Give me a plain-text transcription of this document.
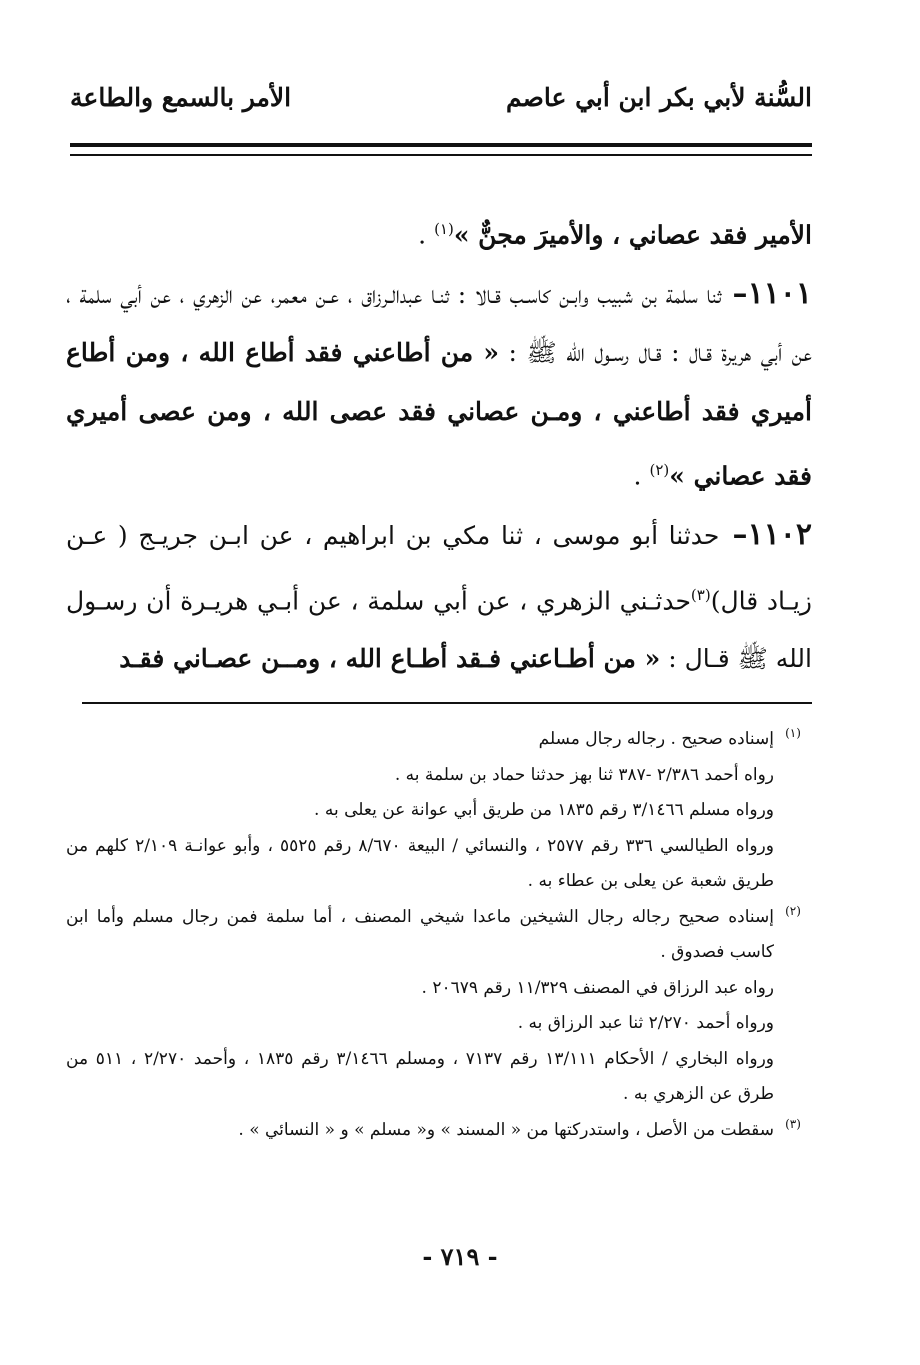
الأمر بالسمع والطاعة	السُّنة لأبي بكر ابن أبي عاصم

الأمير فقد عصاني ، والأميرَ مجنٌّ »$^{(١)}$ .

١١٠١– ثنا سلمة بن شبيب وابـن كاسـب قـالا : ثنـا عبدالـرزاق ، عـن معمر، عن الزهري ، عن أبي سلمة ، عن أبي هريرة قـال : قـال رسـول الله ﷺ : « من أطاعني فقد أطاع الله ، ومن أطاع أميري فقد أطاعني ، ومـن عصاني فقد عصى الله ، ومن عصى أميري فقد عصاني »$^{(٢)}$ .

١١٠٢– حدثنا أبو موسى ، ثنا مكي بن ابراهيم ، عن ابـن جريـج ( عـن زيـاد قال)$^{(٣)}$حدثـني الزهري ، عن أبي سلمة ، عن أبـي هريـرة أن رسـول الله ﷺ قـال : « من أطـاعني فـقد أطـاع الله ، ومــن عصـاني فقـد

(١)
إسناده صحيح . رجاله رجال مسلم
رواه أحمد ٢/٣٨٦ -٣٨٧ ثنا بهز حدثنا حماد بن سلمة به .
ورواه مسلم ٣/١٤٦٦ رقم ١٨٣٥ من طريق أبي عوانة عن يعلى به .
ورواه الطيالسي ٣٣٦ رقم ٢٥٧٧ ، والنسائي / البيعة ٨/٦٧٠ رقم ٥٥٢٥ ، وأبو عوانـة ٢/١٠٩ كلهم من طريق شعبة عن يعلى بن عطاء به .
(٢)
إسناده صحيح رجاله رجال الشيخين ماعدا شيخي المصنف ، أما سلمة فمن رجال مسلم وأما ابن كاسب فصدوق .
رواه عبد الرزاق في المصنف ١١/٣٢٩ رقم ٢٠٦٧٩ .
ورواه أحمد ٢/٢٧٠ ثنا عبد الرزاق به .
ورواه البخاري / الأحكام ١٣/١١١ رقم ٧١٣٧ ، ومسلم ٣/١٤٦٦ رقم ١٨٣٥ ، وأحمد ٢/٢٧٠ ، ٥١١ من طرق عن الزهري به .
(٣)
سقطت من الأصل ، واستدركتها من « المسند » و« مسلم » و « النسائي » .
- ٧١٩ -
